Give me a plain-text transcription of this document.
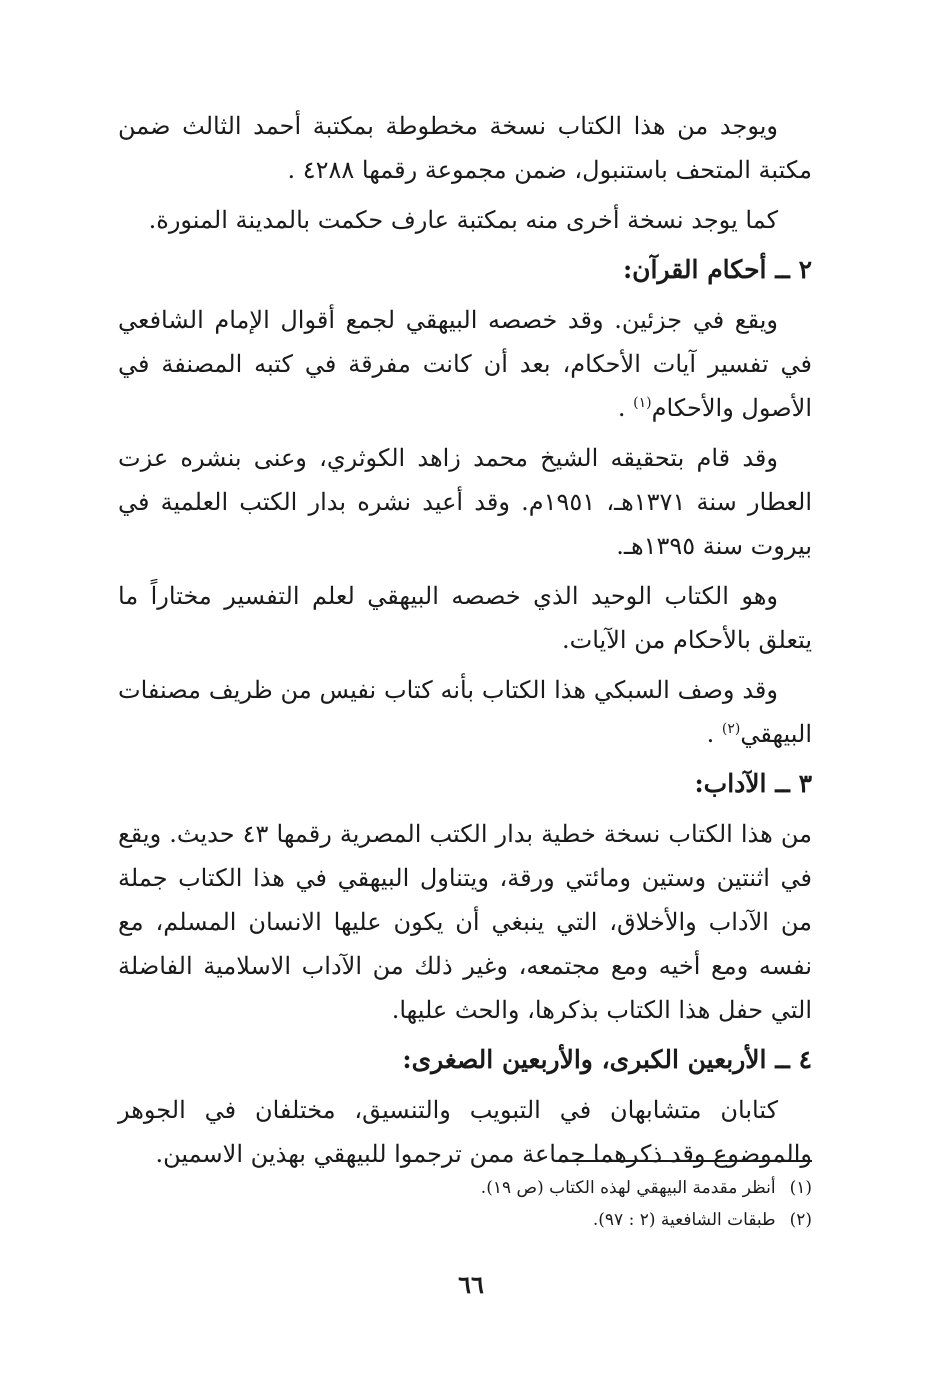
ويوجد من هذا الكتاب نسخة مخطوطة بمكتبة أحمد الثالث ضمن مكتبة المتحف باستنبول، ضمن مجموعة رقمها ٤٢٨٨ .

كما يوجد نسخة أخرى منه بمكتبة عارف حكمت بالمدينة المنورة.

٢ ــ أحكام القرآن:

ويقع في جزئين. وقد خصصه البيهقي لجمع أقوال الإمام الشافعي في تفسير آيات الأحكام، بعد أن كانت مفرقة في كتبه المصنفة في الأصول والأحكام$^{(١)}$ .

وقد قام بتحقيقه الشيخ محمد زاهد الكوثري، وعنى بنشره عزت العطار سنة ١٣٧١هـ، ١٩٥١م. وقد أعيد نشره بدار الكتب العلمية في بيروت سنة ١٣٩٥هـ.

وهو الكتاب الوحيد الذي خصصه البيهقي لعلم التفسير مختاراً ما يتعلق بالأحكام من الآيات.

وقد وصف السبكي هذا الكتاب بأنه كتاب نفيس من ظريف مصنفات البيهقي$^{(٢)}$ .

٣ ــ الآداب:

من هذا الكتاب نسخة خطية بدار الكتب المصرية رقمها ٤٣ حديث. ويقع في اثنتين وستين ومائتي ورقة، ويتناول البيهقي في هذا الكتاب جملة من الآداب والأخلاق، التي ينبغي أن يكون عليها الانسان المسلم، مع نفسه ومع أخيه ومع مجتمعه، وغير ذلك من الآداب الاسلامية الفاضلة التي حفل هذا الكتاب بذكرها، والحث عليها.

٤ ــ الأربعين الكبرى، والأربعين الصغرى:

كتابان متشابهان في التبويب والتنسيق، مختلفان في الجوهر والموضوع وقد ذكرهما جماعة ممن ترجموا للبيهقي بهذين الاسمين.

(١)
أنظر مقدمة البيهقي لهذه الكتاب (ص ١٩).
(٢)
طبقات الشافعية (٢ : ٩٧).
٦٦
